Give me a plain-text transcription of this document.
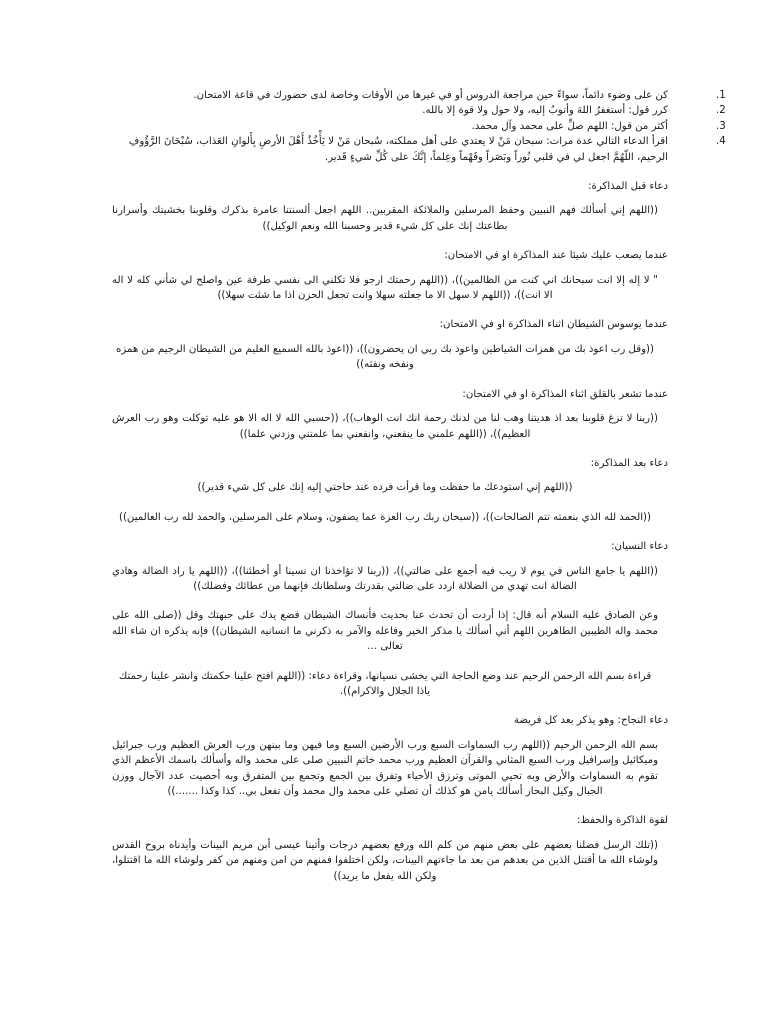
.1
كن على وضوء دائماً، سواءً حين مراجعة الدروس أو في غيرها من الأوقات وخاصة لدى حضورك في قاعة الامتحان.
.2
كرر قول: أستغفرُ اللهَ وأتوبُ إليه، ولا حول ولا قوة إلا بالله.
.3
أكثر من قول: اللهم صلِّ على محمد وآل محمد.
.4
اقرأ الدعاء التالي عدة مرات: سبحان مَنْ لا يعتدي على أهل مملكته، سُبحان مَنْ لا يَأْخُذُ أَهْلَ الأرضِ بِأَلوانِ العَذاب، سُبْحَانَ الرَّؤُوفِ الرحيم، اللّهُمَّ اجعل لي في قلبي نُوراً وبَصَراً وفَهْماً وعِلماً، إنَّكَ على كُلِّ شيءٍ قَدير.
دعاء قبل المذاكرة:
((اللهم إني أسألك فهم النبيين وحفظ المرسلين والملائكة المقربين.. اللهم اجعل ألسنتنا عامرة بذكرك وقلوبنا بخشيتك وأسرارنا بطاعتك إنك على كل شيء قدير وحسبنا الله ونعم الوكيل))
عندما يصعب عليك شيئا عند المذاكرة او في الامتحان:
" لا إله إلا انت سبحانك اني كنت من الظالمين))، ((اللهم رحمتك ارجو فلا تكلني الى نفسي طرفة عين واصلح لي شأني كله لا اله الا انت))، ((اللهم لا سهل الا ما جعلته سهلا وانت تجعل الحزن اذا ما شئت سهلا))
عندما يوسوس الشيطان اثناء المذاكرة او في الامتحان:
((وقل رب اعوذ بك من همزات الشياطين واعوذ بك ربي ان يحضرون))، ((اعوذ بالله السميع العليم من الشيطان الرجيم من همزه ونفخه ونفثه))
عندما تشعر بالقلق اثناء المذاكرة او في الامتحان:
((ربنا لا تزغ قلوبنا بعد اذ هديتنا وهب لنا من لدنك رحمة انك انت الوهاب))، ((حسبي الله لا اله الا هو عليه توكلت وهو رب العرش العظيم))، ((اللهم علمني ما ينفعني، وانفعني بما علمتني وزدني علما))
دعاء بعد المذاكرة:
((اللهم إني استودعك ما حفظت وما قرأت فرده عند حاجتي إليه إنك على كل شيء قدير))
((الحمد لله الذي بنعمته تتم الصالحات))، ((سبحان ربك رب العزة عما يصفون، وسلام على المرسلين، والحمد لله رب العالمين))
دعاء النسيان:
((اللهم يا جامع الناس في يوم لا ريب فيه أجمع على ضالتي))، ((ربنا لا تؤاخذنا ان نسينا أو أخطئنا))، ((اللهم يا راد الضالة وهادي الضالة انت تهدي من الضلالة اردد على ضالتي بقدرتك وسلطانك فإنهما من عطائك وفضلك))
وعن الصادق عليه السلام أنه قال: إذا أردت أن تحدث عنا بحديث فأنساك الشيطان فضع يدك على جبهتك وقل ((صلى الله على محمد واله الطيبين الطاهرين اللهم أني أسألك يا مذكر الخير وفاعله والآمر به ذكرني ما انسانيه الشيطان)) فإنه يذكره ان شاء الله تعالى ...
قراءة بسم الله الرحمن الرحيم عند وضع الحاجة التي يخشى نسيانها، وقراءة دعاء: ((اللهم افتح علينا حكمتك وانشر علينا رحمتك ياذا الجلال والاكرام)).
دعاء النجاح: وهو يذكر بعد كل فريضة
بسم الله الرحمن الرحيم ((اللهم رب السماوات السبع ورب الأرضين السبع وما فيهن وما بينهن ورب العرش العظيم ورب جبرائيل وميكائيل وإسرافيل ورب السبع المثاني والقرآن العظيم ورب محمد خاتم النبيين صلى على محمد واله وأسألك باسمك الأعظم الذي تقوم به السماوات والأرض وبه تحيي الموتى وترزق الأحياء وتفرق بين الجمع وتجمع بين المتفرق وبه أحصيت عدد الآجال ووزن الجبال وكيل البحار أسألك يامن هو كذلك أن تصلي على محمد وال محمد وأن تفعل بي.. كذا وكذا .......))
لقوة الذاكرة والحفظ:
((تلك الرسل فضلنا بعضهم على بعض منهم من كلم الله ورفع بعضهم درجات وأتينا عيسى أبن مريم البينات وأيدناه بروح القدس ولوشاء الله ما أقتتل الذين من بعدهم من بعد ما جاءتهم البينات، ولكن اختلفوا فمنهم من امن ومنهم من كفر ولوشاء الله ما اقتتلوا، ولكن الله يفعل ما يريد))
